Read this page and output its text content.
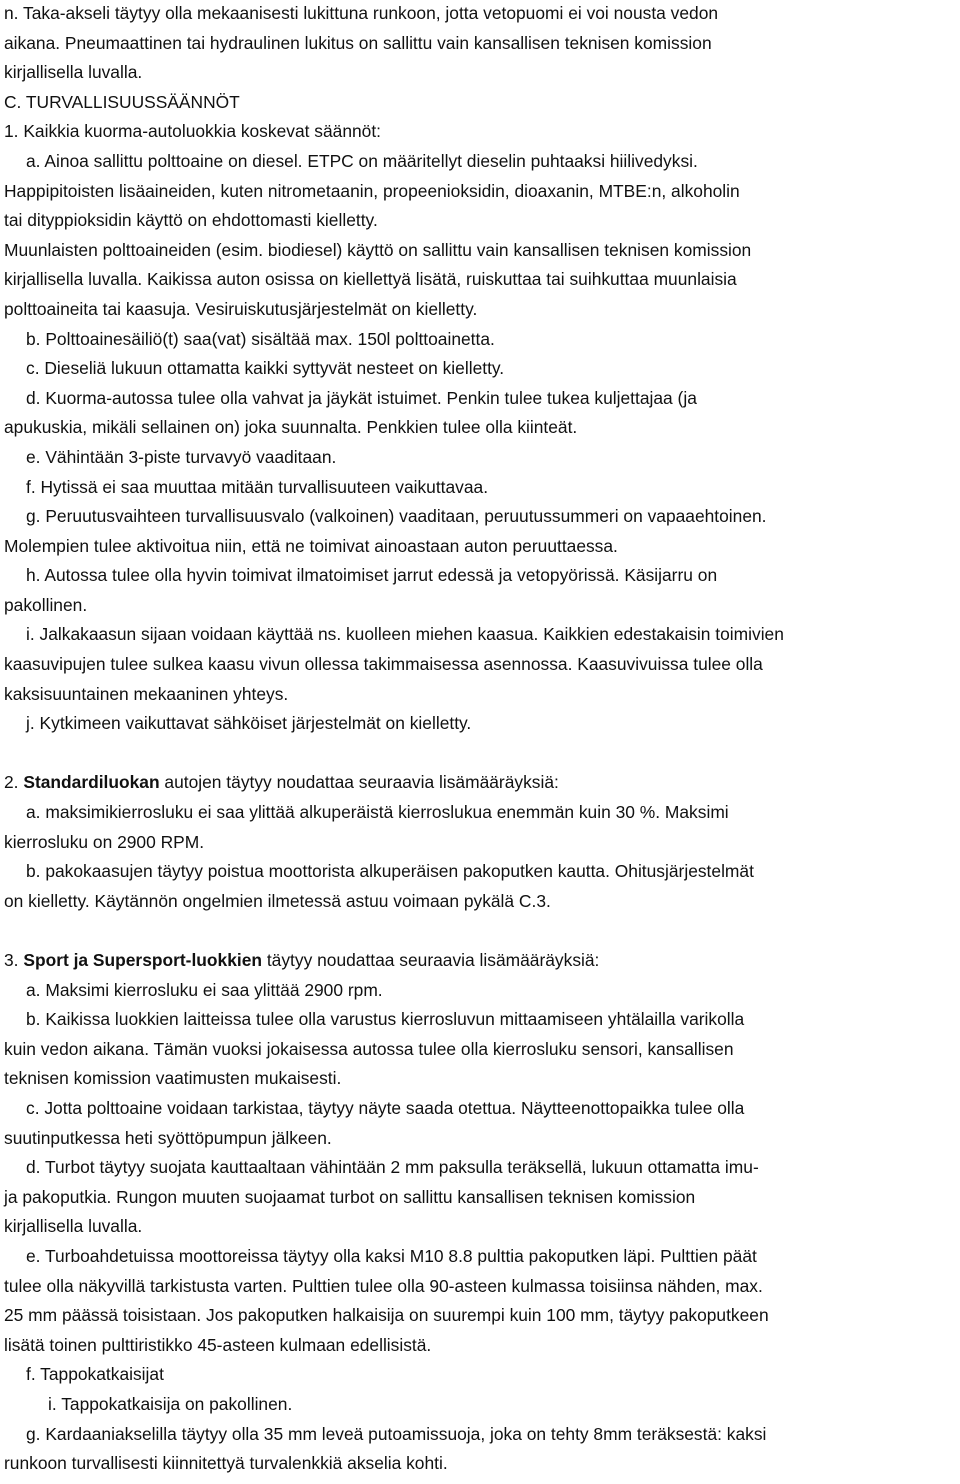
n. Taka-akseli täytyy olla mekaanisesti lukittuna runkoon, jotta vetopuomi ei voi nousta vedon
aikana. Pneumaattinen tai hydraulinen lukitus on sallittu vain kansallisen teknisen komission
kirjallisella luvalla.
C. TURVALLISUUSSÄÄNNÖT
1. Kaikkia kuorma-autoluokkia koskevat säännöt:
a. Ainoa sallittu polttoaine on diesel. ETPC on määritellyt dieselin puhtaaksi hiilivedyksi.
Happipitoisten lisäaineiden, kuten nitrometaanin, propeenioksidin, dioaxanin, MTBE:n, alkoholin
tai dityppioksidin käyttö on ehdottomasti kielletty.
Muunlaisten polttoaineiden (esim. biodiesel) käyttö on sallittu vain kansallisen teknisen komission
kirjallisella luvalla. Kaikissa auton osissa on kiellettyä lisätä, ruiskuttaa tai suihkuttaa muunlaisia
polttoaineita tai kaasuja. Vesiruiskutusjärjestelmät on kielletty.
b. Polttoainesäiliö(t) saa(vat) sisältää max. 150l polttoainetta.
c. Dieseliä lukuun ottamatta kaikki syttyvät nesteet on kielletty.
d. Kuorma-autossa tulee olla vahvat ja jäykät istuimet. Penkin tulee tukea kuljettajaa (ja
apukuskia, mikäli sellainen on) joka suunnalta. Penkkien tulee olla kiinteät.
e. Vähintään 3-piste turvavyö vaaditaan.
f. Hytissä ei saa muuttaa mitään turvallisuuteen vaikuttavaa.
g. Peruutusvaihteen turvallisuusvalo (valkoinen) vaaditaan, peruutussummeri on vapaaehtoinen.
Molempien tulee aktivoitua niin, että ne toimivat ainoastaan auton peruuttaessa.
h. Autossa tulee olla hyvin toimivat ilmatoimiset jarrut edessä ja vetopyörissä. Käsijarru on
pakollinen.
i. Jalkakaasun sijaan voidaan käyttää ns. kuolleen miehen kaasua. Kaikkien edestakaisin toimivien
kaasuvipujen tulee sulkea kaasu vivun ollessa takimmaisessa asennossa. Kaasuvivuissa tulee olla
kaksisuuntainen mekaaninen yhteys.
j. Kytkimeen vaikuttavat sähköiset järjestelmät on kielletty.
2. Standardiluokan autojen täytyy noudattaa seuraavia lisämääräyksiä:
a. maksimikierrosluku ei saa ylittää alkuperäistä kierroslukua enemmän kuin 30 %. Maksimi
kierrosluku on 2900 RPM.
b. pakokaasujen täytyy poistua moottorista alkuperäisen pakoputken kautta. Ohitusjärjestelmät
on kielletty. Käytännön ongelmien ilmetessä astuu voimaan pykälä C.3.
3. Sport ja Supersport-luokkien täytyy noudattaa seuraavia lisämääräyksiä:
a. Maksimi kierrosluku ei saa ylittää 2900 rpm.
b. Kaikissa luokkien laitteissa tulee olla varustus kierrosluvun mittaamiseen yhtälailla varikolla
kuin vedon aikana. Tämän vuoksi jokaisessa autossa tulee olla kierrosluku sensori, kansallisen
teknisen komission vaatimusten mukaisesti.
c. Jotta polttoaine voidaan tarkistaa, täytyy näyte saada otettua. Näytteenottopaikka tulee olla
suutinputkessa heti syöttöpumpun jälkeen.
d. Turbot täytyy suojata kauttaaltaan vähintään 2 mm paksulla teräksellä, lukuun ottamatta imu-
ja pakoputkia. Rungon muuten suojaamat turbot on sallittu kansallisen teknisen komission
kirjallisella luvalla.
e. Turboahdetuissa moottoreissa täytyy olla kaksi M10 8.8 pulttia pakoputken läpi. Pulttien päät
tulee olla näkyvillä tarkistusta varten. Pulttien tulee olla 90-asteen kulmassa toisiinsa nähden, max.
25 mm päässä toisistaan. Jos pakoputken halkaisija on suurempi kuin 100 mm, täytyy pakoputkeen
lisätä toinen pulttiristikko 45-asteen kulmaan edellisistä.
f. Tappokatkaisijat
i. Tappokatkaisija on pakollinen.
g. Kardaaniakselilla täytyy olla 35 mm leveä putoamissuoja, joka on tehty 8mm teräksestä: kaksi
runkoon turvallisesti kiinnitettyä turvalenkkiä akselia kohti.
